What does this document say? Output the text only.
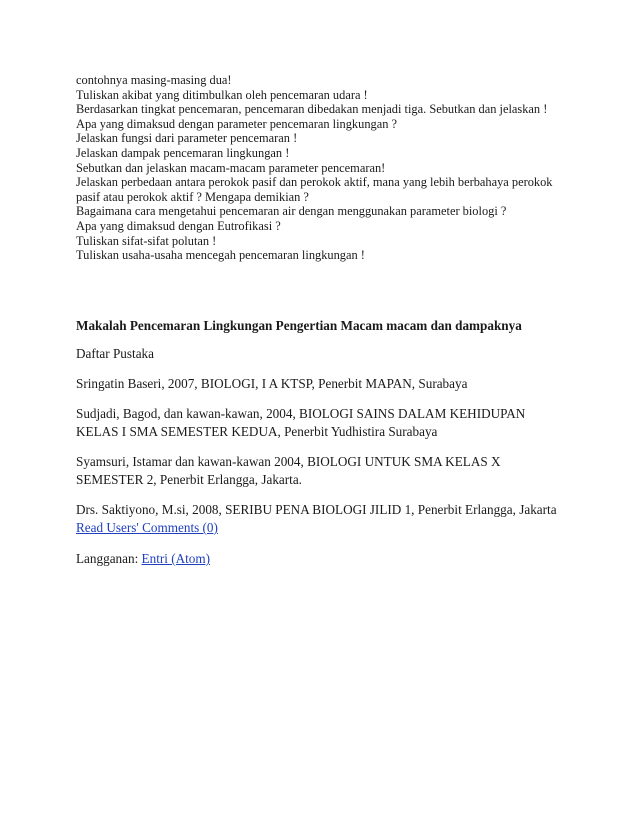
contohnya masing-masing dua!
Tuliskan akibat yang ditimbulkan oleh pencemaran udara !
Berdasarkan tingkat pencemaran, pencemaran dibedakan menjadi tiga. Sebutkan dan jelaskan !
Apa yang dimaksud dengan parameter pencemaran lingkungan ?
Jelaskan fungsi dari parameter pencemaran !
Jelaskan dampak pencemaran lingkungan !
Sebutkan dan jelaskan macam-macam parameter pencemaran!
Jelaskan perbedaan antara perokok pasif dan perokok aktif, mana yang lebih berbahaya perokok pasif atau perokok aktif ? Mengapa demikian ?
Bagaimana cara mengetahui pencemaran air dengan menggunakan parameter biologi ?
Apa yang dimaksud dengan Eutrofikasi ?
Tuliskan sifat-sifat polutan !
Tuliskan usaha-usaha mencegah pencemaran lingkungan !

Makalah Pencemaran Lingkungan Pengertian Macam macam dan dampaknya

Daftar Pustaka

Sringatin Baseri, 2007, BIOLOGI, I A KTSP, Penerbit MAPAN, Surabaya

Sudjadi, Bagod, dan kawan-kawan, 2004, BIOLOGI SAINS DALAM KEHIDUPAN KELAS I SMA SEMESTER KEDUA, Penerbit Yudhistira Surabaya

Syamsuri, Istamar dan kawan-kawan 2004, BIOLOGI UNTUK SMA KELAS X SEMESTER 2, Penerbit Erlangga, Jakarta.

Drs. Saktiyono, M.si, 2008, SERIBU PENA BIOLOGI JILID 1, Penerbit Erlangga, Jakarta

Read Users' Comments (0)

Langganan: Entri (Atom)
